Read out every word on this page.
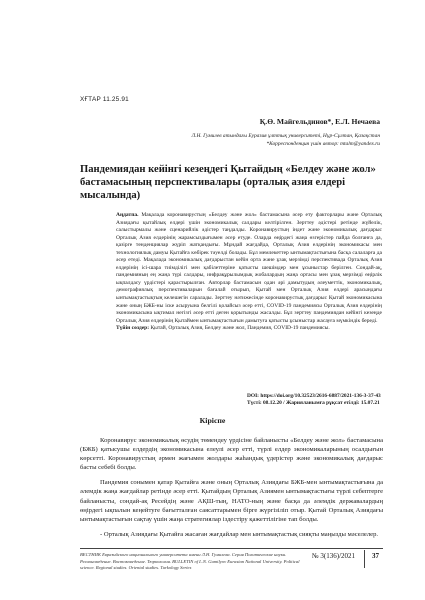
ХҒТАР 11.25.91
Қ.Ө. Майгельдинов*, Е.Л. Нечаева
Л.Н. Гумилев атындағы Еуразия ұлттық университеті, Нұр-Сұлтан, Қазақстан
*Корреспонденция үшін автор: mtalm@yandex.ru
Пандемиядан кейінгі кезеңдегі Қытайдың «Белдеу және жол» бастамасының перспективалары (орталық азия елдері мысалында)
Аңдатпа. Мақалада коронавирустың «Белдеу және жол» бастамасына әсер ету факторлары және Орталық Азиядағы қытайлық елдері үшін экономикалық салдары келтірілген. Зерттеу әдістері ретінде жүйелік, салыстырмалы және сценарийлік әдістер таңдалды. Коронавирустың індет және экономикалық дағдарыс Орталық Азия елдерінің жарамсыздығымен әсер етуде. Оларда өңірдегі жаңа өзгерістер пайда болғанға да, қазірге тенденциялар жүріп жатқандығы. Мұндай жағдайда, Орталық Азия елдерінің экономикасы мен технологиялық дамуы Қытайға көбірек тәуелді болады. Бұл мемлекеттер ынтымақтастығына басқа салаларға да әсер етеді. Мақалада экономикалық дағдарыстан кейін орта және ұзақ мерзімді перспективада Орталық Азия елдерінің ісі-шара тиімділігі мен қабілеттеріне қатысты шешімдер мен ұсыныстар берілген. Сондай-ақ, пандемияның ең жаңа түрі салдары, инфрақұрылымдық жобалардың жаңа ортасы мен ұзақ мерзімді өңірлік ықпалдасу үрдістері қарастырылған. Авторлар бастамасын одан әрі дамытудың әлеуметтік, экономикалық, демографиялық перспективаларын бағалай отырып, Қытай мен Орталық Азия елдері арасындағы ынтымақтастықтың келешегін саралады. Зерттеу нәтижесінде коронавирустық дағдарыс Қытай экономикасына және оның БЖБ-ны іске асыруына белгілі қолайсыз әсер етті, COVID-19 пандемиясы Орталық Азия елдерінің экономикасына ықтимал негізгі әсер етті деген қорытынды жасалды. Бұл зерттеу пандемиядан кейінгі кезеңде Орталық Азия елдерінің Қытаймен ынтымақтастығын дамытуға қатысты ұсыныстар жасауға мүмкіндік береді.
Түйін сөздер: Қытай, Орталық Азия, Белдеу және жол, Пандемия, COVID-19 пандемиясы.
DOI: https://doi.org/10.32523/2616-6887/2021-136-3-37-43
Түсті: 08.12.20 / Жарияланымға рұқсат етілді: 15.07.21
Кіріспе

Коронавирус экономикалық өсудің төмендеу үрдісіне байланысты «Белдеу және жол» бастамасына (БЖБ) қатысушы елдердің экономикасына елеулі әсер етті, түрлі елдер экономикаларының осалдығын көрсетті. Коронавирустың әрмен жағымен жолдары жаһандық үдерістер және экономикалық дағдарыс басты себебі болды.

Пандемия сонымен қатар Қытайға және оның Орталық Азиядағы БЖБ-мен ынтымақтастығына да әлемдік жаңа жағдайлар ретінде әсер етті. Қытайдың Орталық Азиямен ынтымақтастығы түрлі себептерге байланысты, сондай-ақ Ресейдің және АҚШ-тың, НАТО-ның және басқа да әлемдік державалардың өңірдегі ықпалын кеңейтуге бағытталған саясаттарымен бірге жүргізіліп отыр. Қытай Орталық Азиядағы ынтымақтастығын сақтау үшін жаңа стратегиялар іздестіру қажеттілігіне тап болды.

- Орталық Азиядағы Қытайға жасаған жағдайлар мен ынтымақтастық сияқты маңызды мәселелер.

ВЕСТНИК Евразийского национального университета имени Л.Н. Гумилева. Серия Политические науки. Регионоведение. Востоковедение. Тюркология. BULLETIN of L.N. Gumilyov Eurasian National University. Political science. Regional studies. Oriental studies. Turkology Series
№ 3(136)/2021 37
